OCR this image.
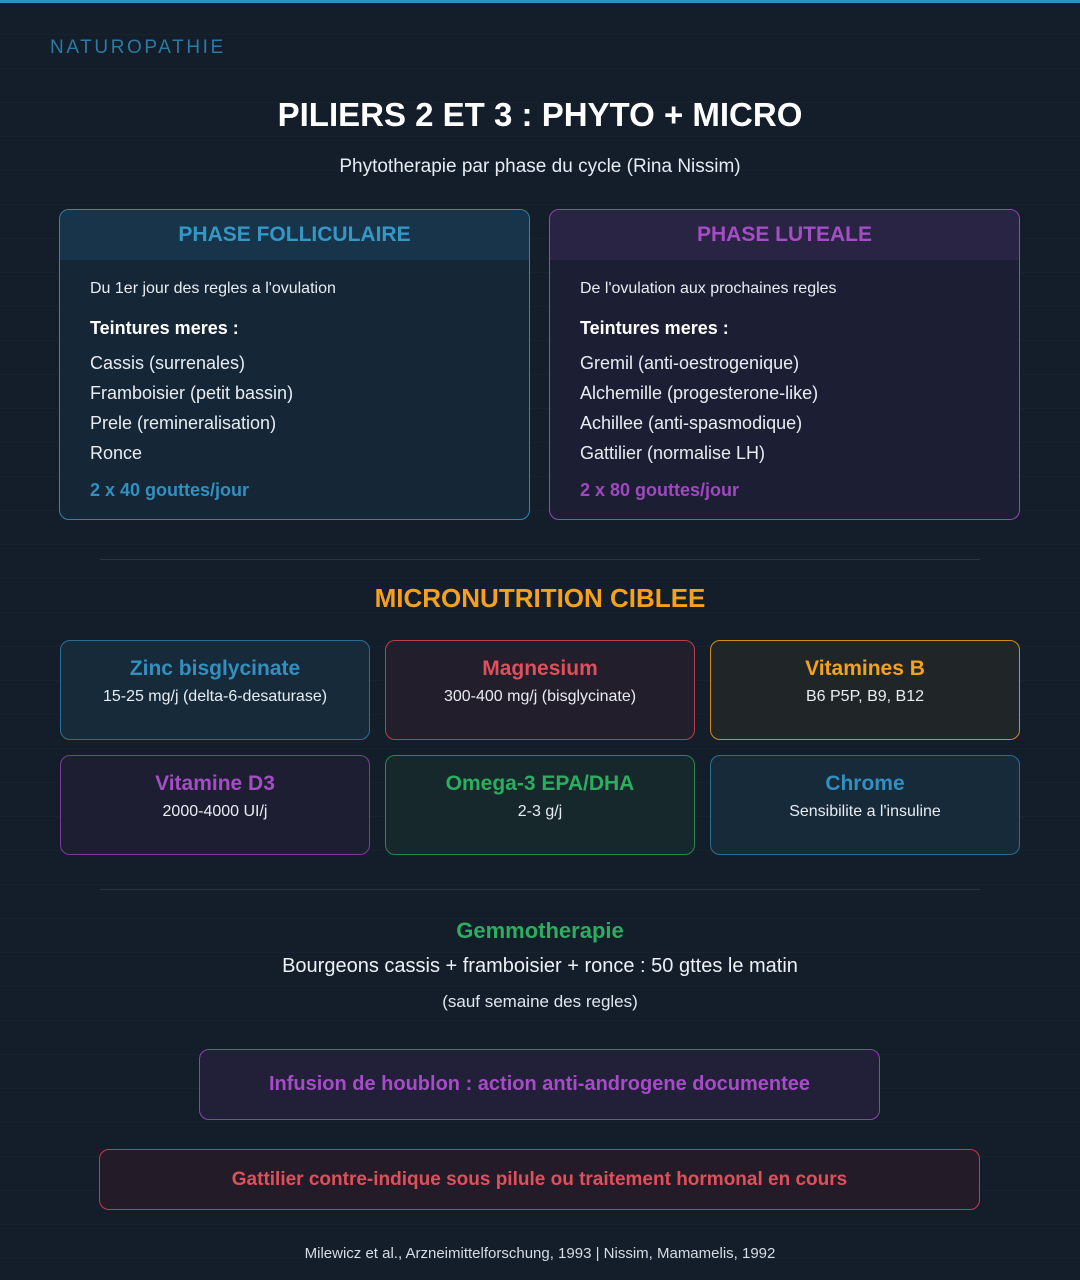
NATUROPATHIE
PILIERS 2 ET 3 : PHYTO + MICRO
Phytotherapie par phase du cycle (Rina Nissim)
PHASE FOLLICULAIRE
Du 1er jour des regles a l'ovulation
Teintures meres :
Cassis (surrenales)
Framboisier (petit bassin)
Prele (remineralisation)
Ronce
2 x 40 gouttes/jour
PHASE LUTEALE
De l'ovulation aux prochaines regles
Teintures meres :
Gremil (anti-oestrogenique)
Alchemille (progesterone-like)
Achillee (anti-spasmodique)
Gattilier (normalise LH)
2 x 80 gouttes/jour
MICRONUTRITION CIBLEE
Zinc bisglycinate
15-25 mg/j (delta-6-desaturase)
Magnesium
300-400 mg/j (bisglycinate)
Vitamines B
B6 P5P, B9, B12
Vitamine D3
2000-4000 UI/j
Omega-3 EPA/DHA
2-3 g/j
Chrome
Sensibilite a l'insuline
Gemmotherapie
Bourgeons cassis + framboisier + ronce : 50 gttes le matin
(sauf semaine des regles)
Infusion de houblon : action anti-androgene documentee
Gattilier contre-indique sous pilule ou traitement hormonal en cours
Milewicz et al., Arzneimittelforschung, 1993 | Nissim, Mamamelis, 1992
